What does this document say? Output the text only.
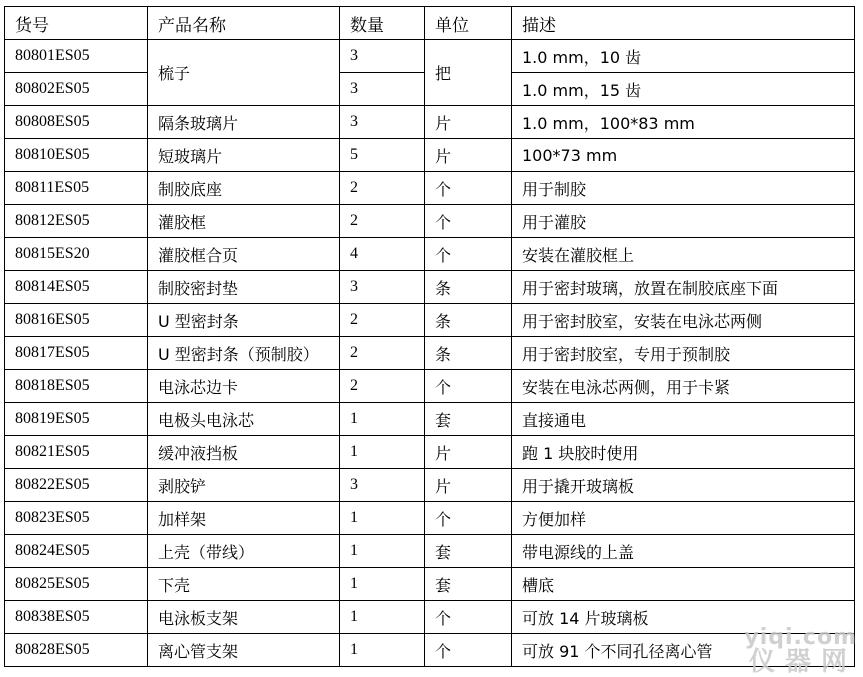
货号	产品名称	数量	单位	描述
80801ES05	梳子	3	把	1.0 mm，10 齿
80802ES05		3		1.0 mm，15 齿
80808ES05	隔条玻璃片	3	片	1.0 mm，100*83 mm
80810ES05	短玻璃片	5	片	100*73 mm
80811ES05	制胶底座	2	个	用于制胶
80812ES05	灌胶框	2	个	用于灌胶
80815ES20	灌胶框合页	4	个	安装在灌胶框上
80814ES05	制胶密封垫	3	条	用于密封玻璃，放置在制胶底座下面
80816ES05	U 型密封条	2	条	用于密封胶室，安装在电泳芯两侧
80817ES05	U 型密封条（预制胶）	2	条	用于密封胶室，专用于预制胶
80818ES05	电泳芯边卡	2	个	安装在电泳芯两侧，用于卡紧
80819ES05	电极头电泳芯	1	套	直接通电
80821ES05	缓冲液挡板	1	片	跑 1 块胶时使用
80822ES05	剥胶铲	3	片	用于撬开玻璃板
80823ES05	加样架	1	个	方便加样
80824ES05	上壳（带线）	1	套	带电源线的上盖
80825ES05	下壳	1	套	槽底
80838ES05	电泳板支架	1	个	可放 14 片玻璃板
80828ES05	离心管支架	1	个	可放 91 个不同孔径离心管
yiqi.com
仪器网
